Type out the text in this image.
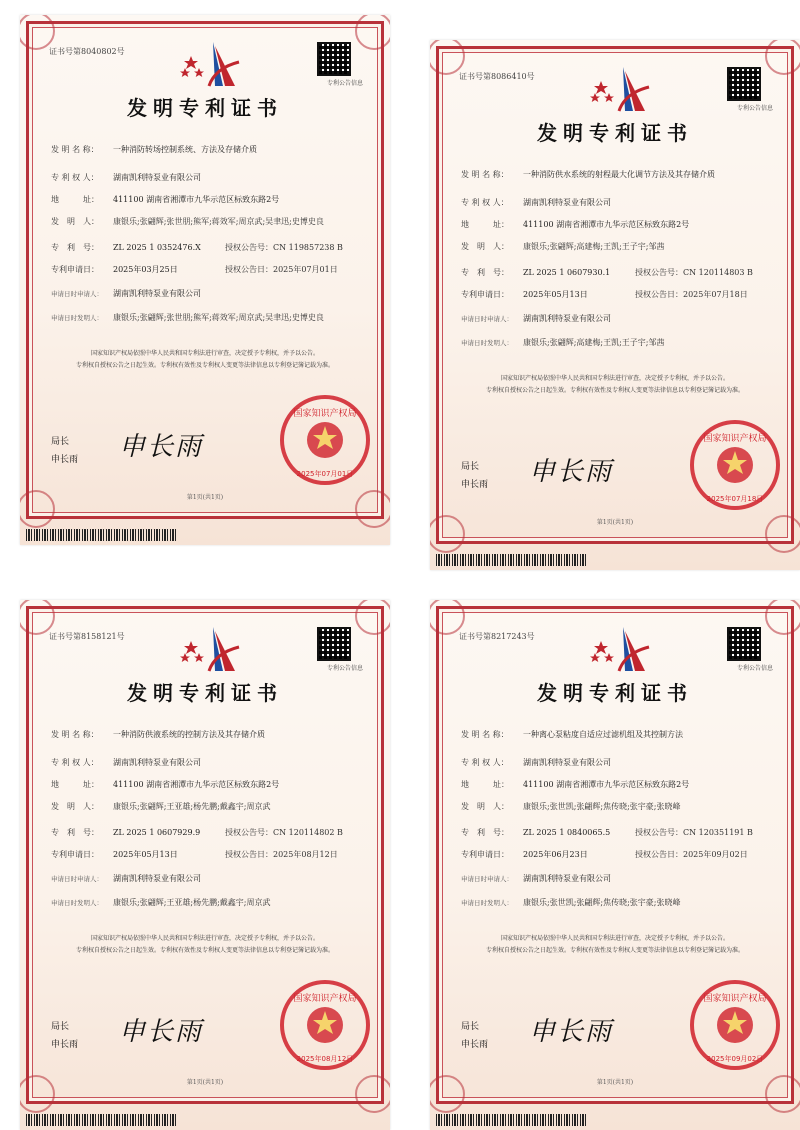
证书号第8040802号
专利公告信息
发明专利证书
发 明 名 称： 一种消防转场控制系统、方法及存储介质
专 利 权 人： 湖南凯利特泵业有限公司
地　　　址： 411100 湖南省湘潭市九华示范区标致东路2号
发　明　人：	康银乐;张翩辉;张世朋;熊军;蒋效军;周京武;吴聿迅;史博史良
专　利　号： ZL 2025 1 0352476.X	授权公告号：CN 119857238 B
专利申请日： 2025年03月25日	授权公告日：2025年07月01日
申请日时申请人： 湖南凯利特泵业有限公司
申请日时发明人：	康银乐;张翩辉;张世朋;熊军;蒋效军;周京武;吴聿迅;史博史良
国家知识产权局依照中华人民共和国专利法进行审查，决定授予专利权，并予以公告。
专利权自授权公告之日起生效。专利权有效性及专利权人变更等法律信息以专利登记簿记载为准。
局长
申长雨 申长雨
国家知识产权局
2025年07月01日
第1页(共1页)
证书号第8086410号
专利公告信息
发明专利证书
发 明 名 称： 一种消防供水系统的射程最大化调节方法及其存储介质
专 利 权 人： 湖南凯利特泵业有限公司
地　　　址： 411100 湖南省湘潭市九华示范区标致东路2号
发　明　人：	康银乐;张翩辉;高建梅;王凯;王子宇;邹茜
专　利　号： ZL 2025 1 0607930.1	授权公告号：CN 120114803 B
专利申请日： 2025年05月13日	授权公告日：2025年07月18日
申请日时申请人： 湖南凯利特泵业有限公司
申请日时发明人：	康银乐;张翩辉;高建梅;王凯;王子宇;邹茜
国家知识产权局依照中华人民共和国专利法进行审查，决定授予专利权，并予以公告。
专利权自授权公告之日起生效。专利权有效性及专利权人变更等法律信息以专利登记簿记载为准。
局长
申长雨 申长雨
国家知识产权局
2025年07月18日
第1页(共1页)
证书号第8158121号
专利公告信息
发明专利证书
发 明 名 称： 一种消防供液系统的控制方法及其存储介质
专 利 权 人： 湖南凯利特泵业有限公司
地　　　址： 411100 湖南省湘潭市九华示范区标致东路2号
发　明　人：	康银乐;张翩辉;王亚雄;杨先鹏;戴鑫宇;周京武
专　利　号： ZL 2025 1 0607929.9	授权公告号：CN 120114802 B
专利申请日： 2025年05月13日	授权公告日：2025年08月12日
申请日时申请人： 湖南凯利特泵业有限公司
申请日时发明人：	康银乐;张翩辉;王亚雄;杨先鹏;戴鑫宇;周京武
国家知识产权局依照中华人民共和国专利法进行审查，决定授予专利权，并予以公告。
专利权自授权公告之日起生效。专利权有效性及专利权人变更等法律信息以专利登记簿记载为准。
局长
申长雨 申长雨
国家知识产权局
2025年08月12日
第1页(共1页)
证书号第8217243号
专利公告信息
发明专利证书
发 明 名 称： 一种离心泵粘度自适应过滤机组及其控制方法
专 利 权 人： 湖南凯利特泵业有限公司
地　　　址： 411100 湖南省湘潭市九华示范区标致东路2号
发　明　人：	康银乐;张世凯;张翩辉;焦传晓;张宇豪;张晓峰
专　利　号： ZL 2025 1 0840065.5	授权公告号：CN 120351191 B
专利申请日： 2025年06月23日	授权公告日：2025年09月02日
申请日时申请人： 湖南凯利特泵业有限公司
申请日时发明人：	康银乐;张世凯;张翩辉;焦传晓;张宇豪;张晓峰
国家知识产权局依照中华人民共和国专利法进行审查，决定授予专利权，并予以公告。
专利权自授权公告之日起生效。专利权有效性及专利权人变更等法律信息以专利登记簿记载为准。
局长
申长雨 申长雨
国家知识产权局
2025年09月02日
第1页(共1页)
